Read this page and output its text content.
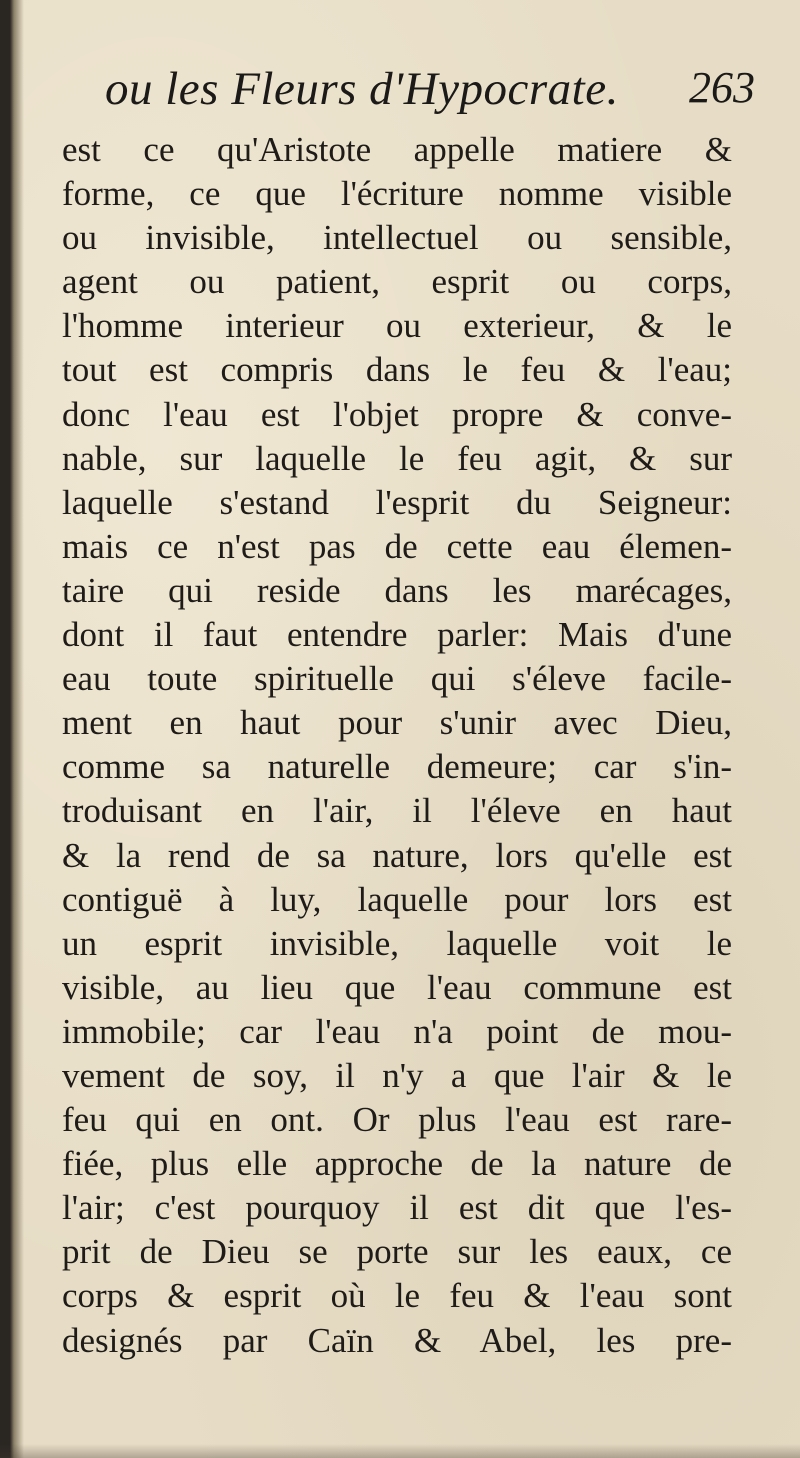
ou les Fleurs d'Hypocrate. 263
est ce qu'Aristote appelle matiere &
forme, ce que l'écriture nomme visible
ou invisible, intellectuel ou sensible,
agent ou patient, esprit ou corps,
l'homme interieur ou exterieur, & le
tout est compris dans le feu & l'eau;
donc l'eau est l'objet propre & conve-
nable, sur laquelle le feu agit, & sur
laquelle s'estand l'esprit du Seigneur:
mais ce n'est pas de cette eau élemen-
taire qui reside dans les marécages,
dont il faut entendre parler: Mais d'une
eau toute spirituelle qui s'éleve facile-
ment en haut pour s'unir avec Dieu,
comme sa naturelle demeure; car s'in-
troduisant en l'air, il l'éleve en haut
& la rend de sa nature, lors qu'elle est
contiguë à luy, laquelle pour lors est
un esprit invisible, laquelle voit le
visible, au lieu que l'eau commune est
immobile; car l'eau n'a point de mou-
vement de soy, il n'y a que l'air & le
feu qui en ont. Or plus l'eau est rare-
fiée, plus elle approche de la nature de
l'air; c'est pourquoy il est dit que l'es-
prit de Dieu se porte sur les eaux, ce
corps & esprit où le feu & l'eau sont
designés par Caïn & Abel, les pre-
